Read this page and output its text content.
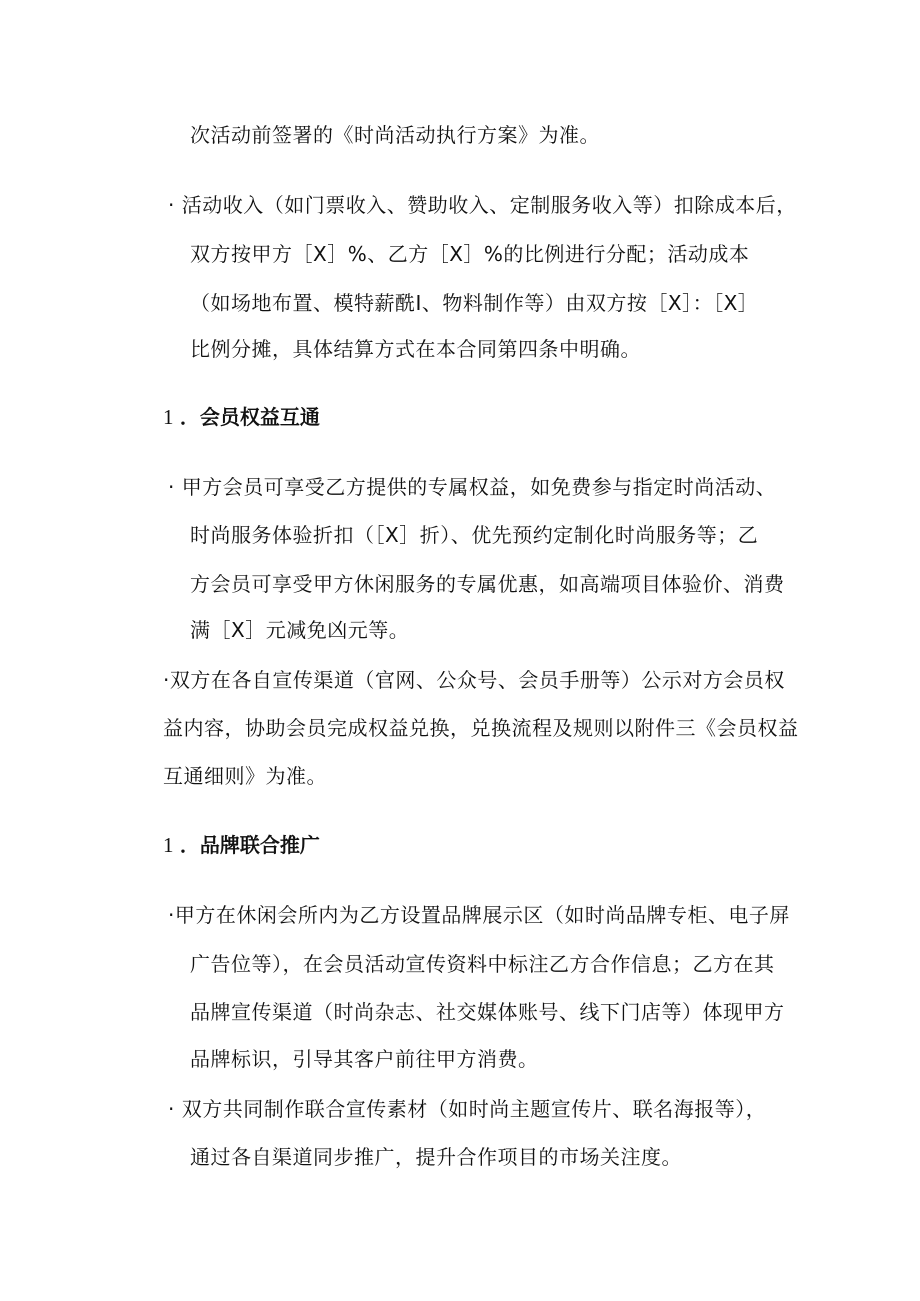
次活动前签署的《时尚活动执行方案》为准。
· 活动收入（如门票收入、赞助收入、定制服务收入等）扣除成本后，
双方按甲方［X］%、乙方［X］%的比例进行分配；活动成本
（如场地布置、模特薪酰I、物料制作等）由双方按［X］：［X］
比例分摊，具体结算方式在本合同第四条中明确。
1 ．会员权益互通
· 甲方会员可享受乙方提供的专属权益，如免费参与指定时尚活动、
时尚服务体验折扣（［X］折）、优先预约定制化时尚服务等；乙
方会员可享受甲方休闲服务的专属优惠，如高端项目体验价、消费
满［X］元减免凶元等。
·双方在各自宣传渠道（官网、公众号、会员手册等）公示对方会员权
益内容，协助会员完成权益兑换，兑换流程及规则以附件三《会员权益
互通细则》为准。
1 ．品牌联合推广
·甲方在休闲会所内为乙方设置品牌展示区（如时尚品牌专柜、电子屏
广告位等），在会员活动宣传资料中标注乙方合作信息；乙方在其
品牌宣传渠道（时尚杂志、社交媒体账号、线下门店等）体现甲方
品牌标识，引导其客户前往甲方消费。
· 双方共同制作联合宣传素材（如时尚主题宣传片、联名海报等），
通过各自渠道同步推广，提升合作项目的市场关注度。
